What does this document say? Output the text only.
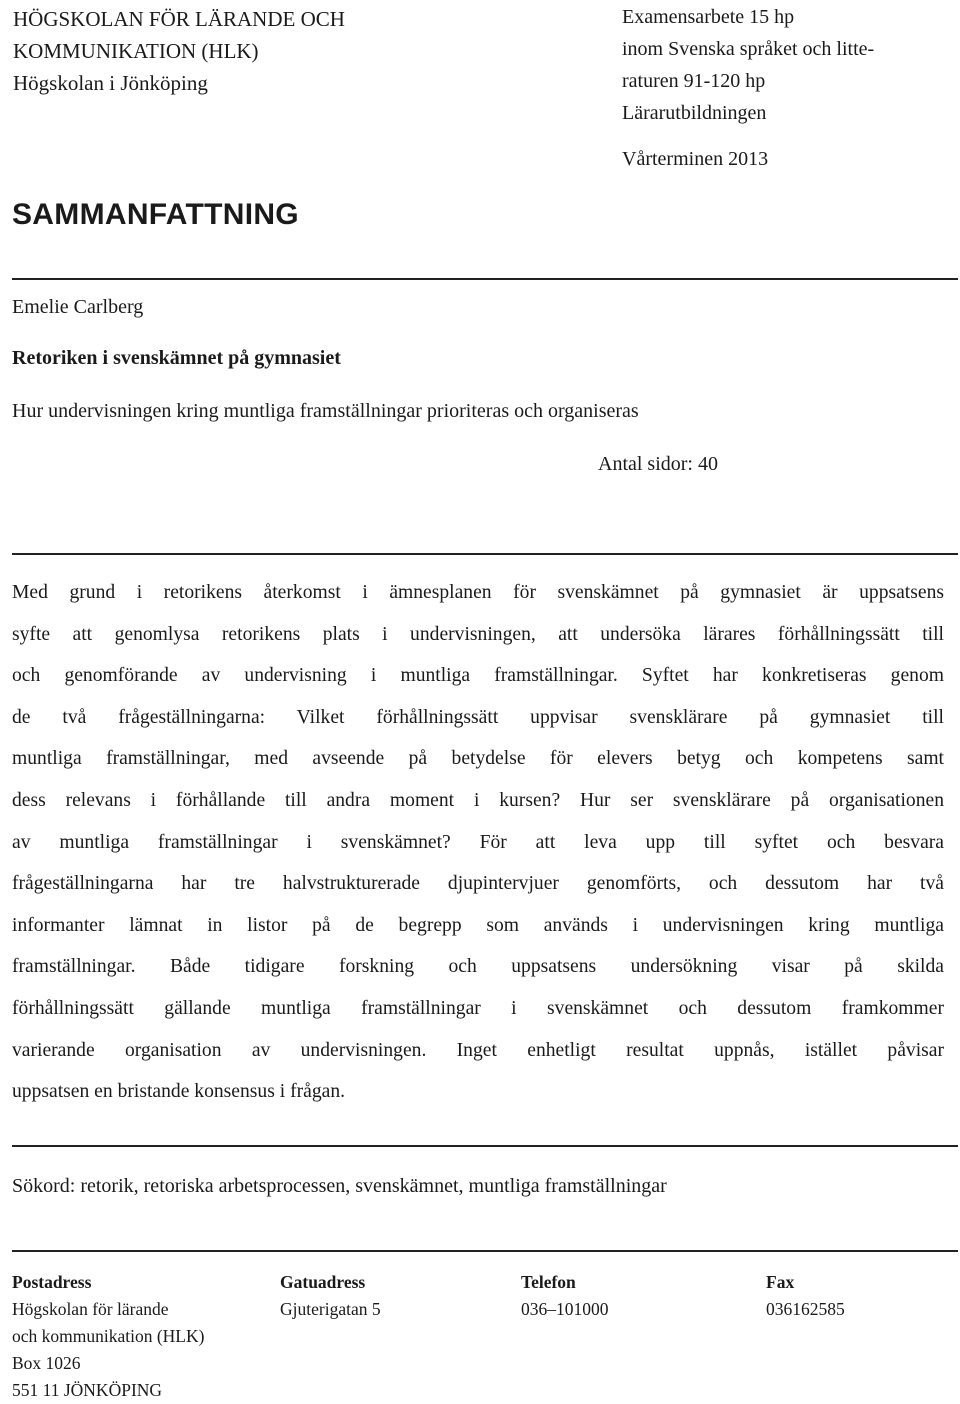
HÖGSKOLAN FÖR LÄRANDE OCH
KOMMUNIKATION (HLK)
Högskolan i Jönköping
Examensarbete 15 hp
inom Svenska språket och litte-
raturen 91-120 hp
Lärarutbildningen
Vårterminen 2013
SAMMANFATTNING
Emelie Carlberg
Retoriken i svenskämnet på gymnasiet
Hur undervisningen kring muntliga framställningar prioriteras och organiseras
Antal sidor: 40
Med grund i retorikens återkomst i ämnesplanen för svenskämnet på gymnasiet är uppsatsens
syfte att genomlysa retorikens plats i undervisningen, att undersöka lärares förhållningssätt till
och genomförande av undervisning i muntliga framställningar. Syftet har konkretiseras genom
de två frågeställningarna: Vilket förhållningssätt uppvisar svensklärare på gymnasiet till
muntliga framställningar, med avseende på betydelse för elevers betyg och kompetens samt
dess relevans i förhållande till andra moment i kursen? Hur ser svensklärare på organisationen
av muntliga framställningar i svenskämnet? För att leva upp till syftet och besvara
frågeställningarna har tre halvstrukturerade djupintervjuer genomförts, och dessutom har två
informanter lämnat in listor på de begrepp som används i undervisningen kring muntliga
framställningar. Både tidigare forskning och uppsatsens undersökning visar på skilda
förhållningssätt gällande muntliga framställningar i svenskämnet och dessutom framkommer
varierande organisation av undervisningen. Inget enhetligt resultat uppnås, istället påvisar
uppsatsen en bristande konsensus i frågan.
Sökord: retorik, retoriska arbetsprocessen, svenskämnet, muntliga framställningar
Postadress
Högskolan för lärande
och kommunikation (HLK)
Box 1026
551 11 JÖNKÖPING
Gatuadress
Gjuterigatan 5
Telefon
036–101000
Fax
036162585
